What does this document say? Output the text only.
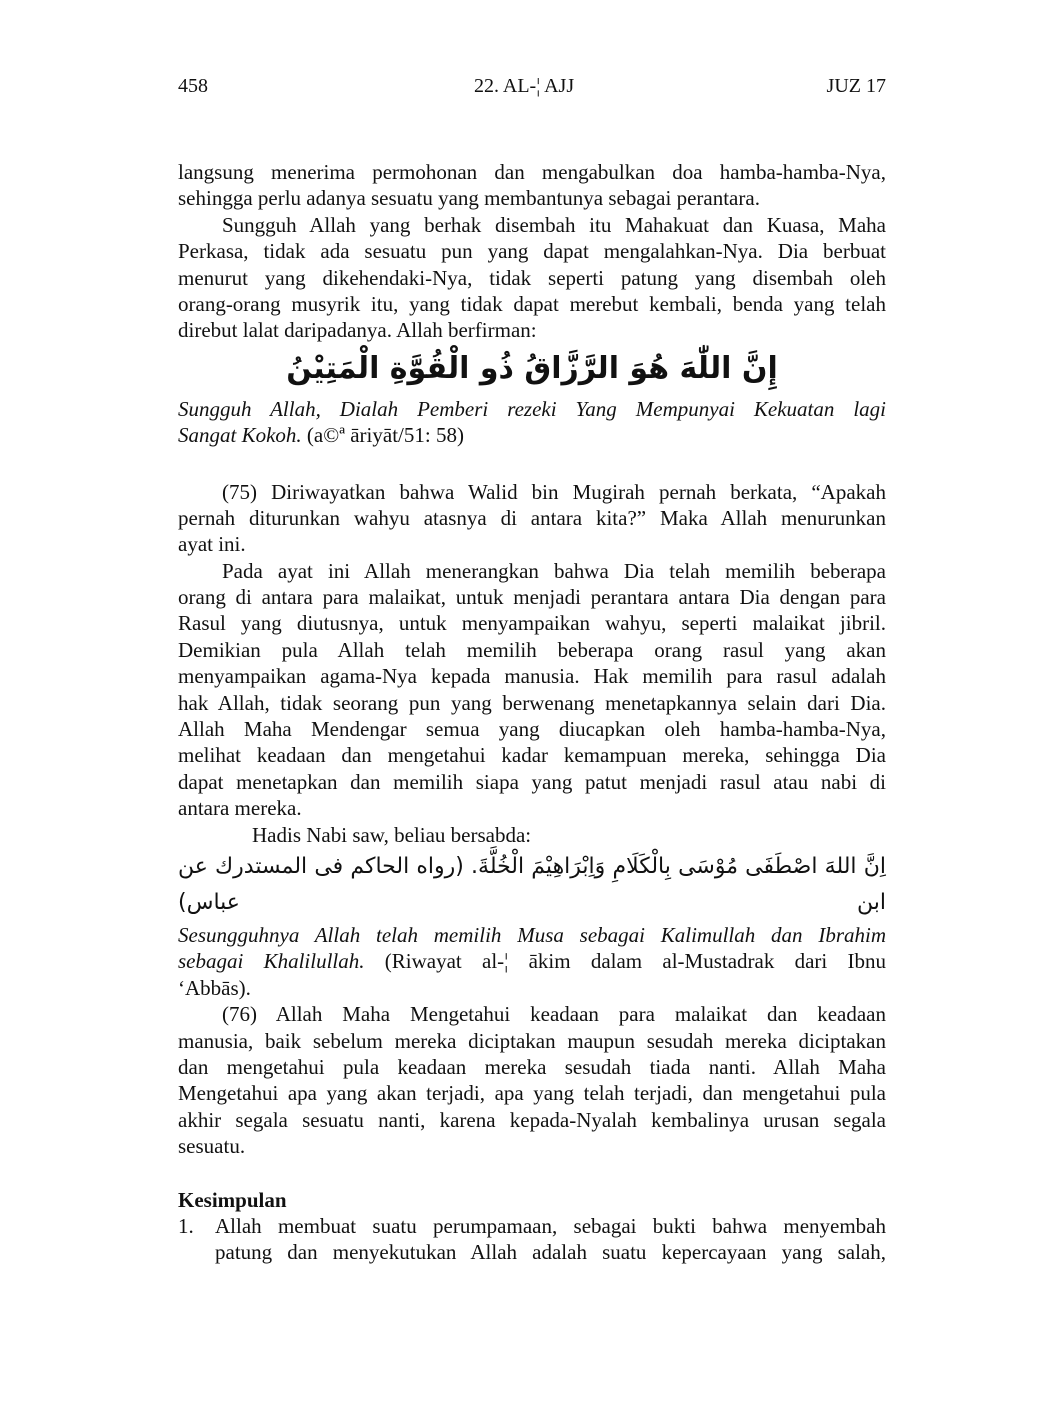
458	22. AL-¦ AJJ	JUZ 17
langsung menerima permohonan dan mengabulkan doa hamba-hamba-Nya,
sehingga perlu adanya sesuatu yang membantunya sebagai perantara.
Sungguh Allah yang berhak disembah itu Mahakuat dan Kuasa, Maha
Perkasa, tidak ada sesuatu pun yang dapat mengalahkan-Nya. Dia berbuat
menurut yang dikehendaki-Nya, tidak seperti patung yang disembah oleh
orang-orang musyrik itu, yang tidak dapat merebut kembali, benda yang telah
direbut lalat daripadanya. Allah berfirman:
إِنَّ اللّٰهَ هُوَ الرَّزَّاقُ ذُو الْقُوَّةِ الْمَتِيْنُ
Sungguh Allah, Dialah Pemberi rezeki Yang Mempunyai Kekuatan lagi
Sangat Kokoh. (a©ª āriyāt/51: 58)
(75) Diriwayatkan bahwa Walid bin Mugirah pernah berkata, “Apakah
pernah diturunkan wahyu atasnya di antara kita?” Maka Allah menurunkan
ayat ini.
Pada ayat ini Allah menerangkan bahwa Dia telah memilih beberapa
orang di antara para malaikat, untuk menjadi perantara antara Dia dengan para
Rasul yang diutusnya, untuk menyampaikan wahyu, seperti malaikat jibril.
Demikian pula Allah telah memilih beberapa orang rasul yang akan
menyampaikan agama-Nya kepada manusia. Hak memilih para rasul adalah
hak Allah, tidak seorang pun yang berwenang menetapkannya selain dari Dia.
Allah Maha Mendengar semua yang diucapkan oleh hamba-hamba-Nya,
melihat keadaan dan mengetahui kadar kemampuan mereka, sehingga Dia
dapat menetapkan dan memilih siapa yang patut menjadi rasul atau nabi di
antara mereka.
Hadis Nabi saw, beliau bersabda:
اِنَّ اللهَ اصْطَفَى مُوْسَى بِالْكَلَامِ وَاِبْرَاهِيْمَ الْخُلَّةَ. (رواه الحاكم فى المستدرك عن ابن عباس)
Sesungguhnya Allah telah memilih Musa sebagai Kalimullah dan Ibrahim
sebagai Khalilullah. (Riwayat al-¦ ākim dalam al-Mustadrak dari Ibnu
‘Abbās).
(76) Allah Maha Mengetahui keadaan para malaikat dan keadaan
manusia, baik sebelum mereka diciptakan maupun sesudah mereka diciptakan
dan mengetahui pula keadaan mereka sesudah tiada nanti. Allah Maha
Mengetahui apa yang akan terjadi, apa yang telah terjadi, dan mengetahui pula
akhir segala sesuatu nanti, karena kepada-Nyalah kembalinya urusan segala
sesuatu.
Kesimpulan
1.	Allah membuat suatu perumpamaan, sebagai bukti bahwa menyembah
patung dan menyekutukan Allah adalah suatu kepercayaan yang salah,
